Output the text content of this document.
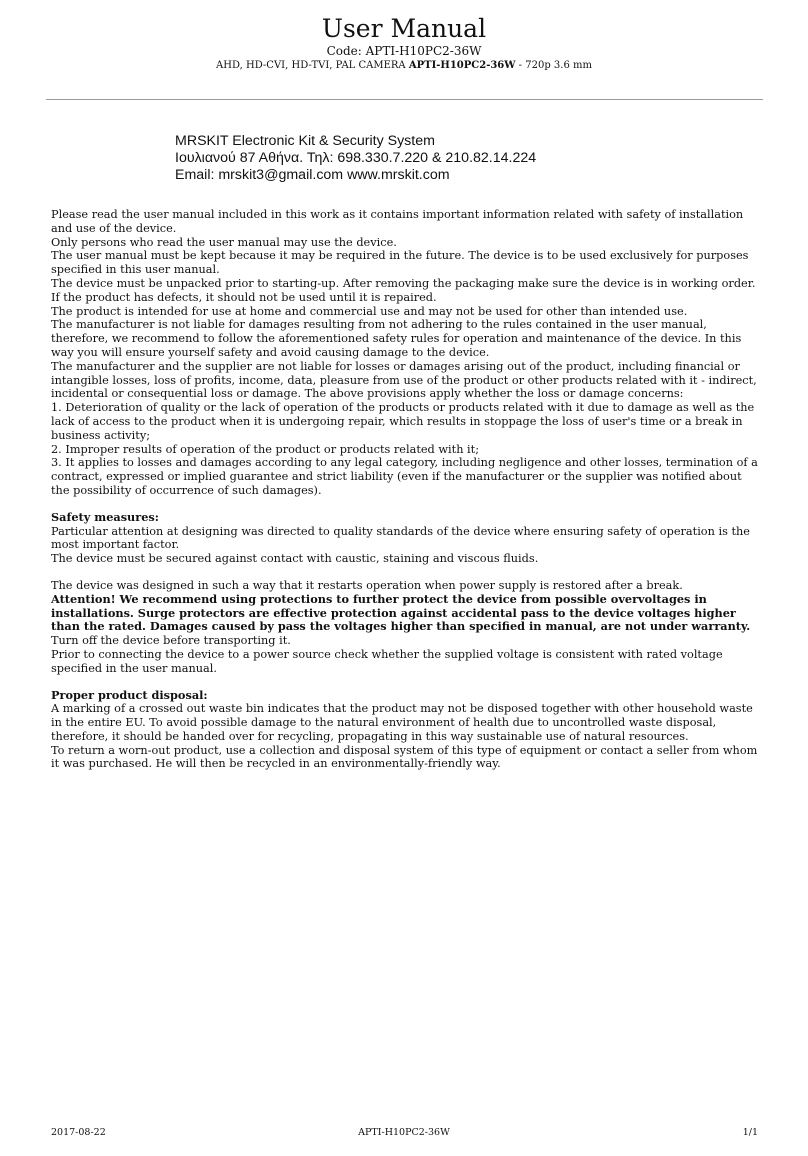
User Manual
Code: APTI-H10PC2-36W
AHD, HD-CVI, HD-TVI, PAL CAMERA APTI-H10PC2-36W - 720p 3.6 mm
MRSKIT Electronic Kit & Security System
Ιουλιανού 87 Αθήνα. Τηλ: 698.330.7.220 & 210.82.14.224
Email: mrskit3@gmail.com www.mrskit.com

Please read the user manual included in this work as it contains important information related with safety of installation and use of the device.

Only persons who read the user manual may use the device.

The user manual must be kept because it may be required in the future. The device is to be used exclusively for purposes specified in this user manual.

The device must be unpacked prior to starting-up. After removing the packaging make sure the device is in working order.

If the product has defects, it should not be used until it is repaired.

The product is intended for use at home and commercial use and may not be used for other than intended use.

The manufacturer is not liable for damages resulting from not adhering to the rules contained in the user manual, therefore, we recommend to follow the aforementioned safety rules for operation and maintenance of the device. In this way you will ensure yourself safety and avoid causing damage to the device.

The manufacturer and the supplier are not liable for losses or damages arising out of the product, including financial or intangible losses, loss of profits, income, data, pleasure from use of the product or other products related with it - indirect, incidental or consequential loss or damage. The above provisions apply whether the loss or damage concerns:

1. Deterioration of quality or the lack of operation of the products or products related with it due to damage as well as the lack of access to the product when it is undergoing repair, which results in stoppage the loss of user's time or a break in business activity;

2. Improper results of operation of the product or products related with it;

3. It applies to losses and damages according to any legal category, including negligence and other losses, termination of a contract, expressed or implied guarantee and strict liability (even if the manufacturer or the supplier was notified about the possibility of occurrence of such damages).

Safety measures:

Particular attention at designing was directed to quality standards of the device where ensuring safety of operation is the most important factor.

The device must be secured against contact with caustic, staining and viscous fluids.

The device was designed in such a way that it restarts operation when power supply is restored after a break.

Attention! We recommend using protections to further protect the device from possible overvoltages in installations. Surge protectors are effective protection against accidental pass to the device voltages higher than the rated. Damages caused by pass the voltages higher than specified in manual, are not under warranty.

Turn off the device before transporting it.

Prior to connecting the device to a power source check whether the supplied voltage is consistent with rated voltage specified in the user manual.

Proper product disposal:

A marking of a crossed out waste bin indicates that the product may not be disposed together with other household waste in the entire EU. To avoid possible damage to the natural environment of health due to uncontrolled waste disposal, therefore, it should be handed over for recycling, propagating in this way sustainable use of natural resources.

To return a worn-out product, use a collection and disposal system of this type of equipment or contact a seller from whom it was purchased. He will then be recycled in an environmentally-friendly way.

2017-08-22	APTI-H10PC2-36W	1/1
